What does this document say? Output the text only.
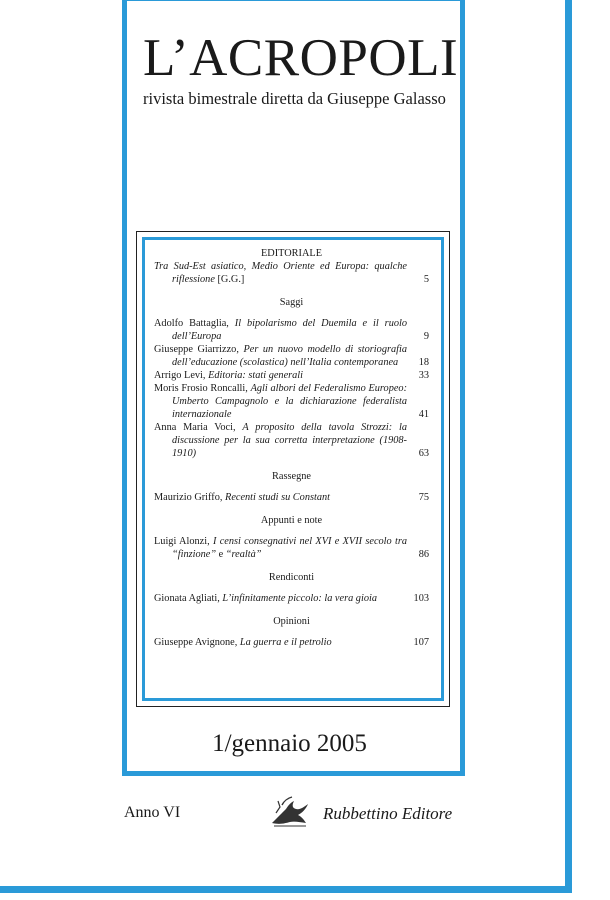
L’ACROPOLI
rivista bimestrale diretta da Giuseppe Galasso
EDITORIALE
Tra Sud-Est asiatico, Medio Oriente ed Europa: qualche riflessione [G.G.]	5
Saggi
Adolfo Battaglia, Il bipolarismo del Duemila e il ruolo dell’Europa	9
Giuseppe Giarrizzo, Per un nuovo modello di storiografia dell’educazione (scolastica) nell’Italia contemporanea	18
Arrigo Levi, Editoria: stati generali	33
Moris Frosio Roncalli, Agli albori del Federalismo Europeo: Umberto Campagnolo e la dichiarazione federalista internazionale	41
Anna Maria Voci, A proposito della tavola Strozzi: la discussione per la sua corretta interpretazione (1908-1910)	63
Rassegne
Maurizio Griffo, Recenti studi su Constant	75
Appunti e note
Luigi Alonzi, I censi consegnativi nel XVI e XVII secolo tra “finzione” e “realtà”	86
Rendiconti
Gionata Agliati, L’infinitamente piccolo: la vera gioia	103
Opinioni
Giuseppe Avignone, La guerra e il petrolio	107
1/gennaio 2005
Anno VI	Rubbettino Editore
